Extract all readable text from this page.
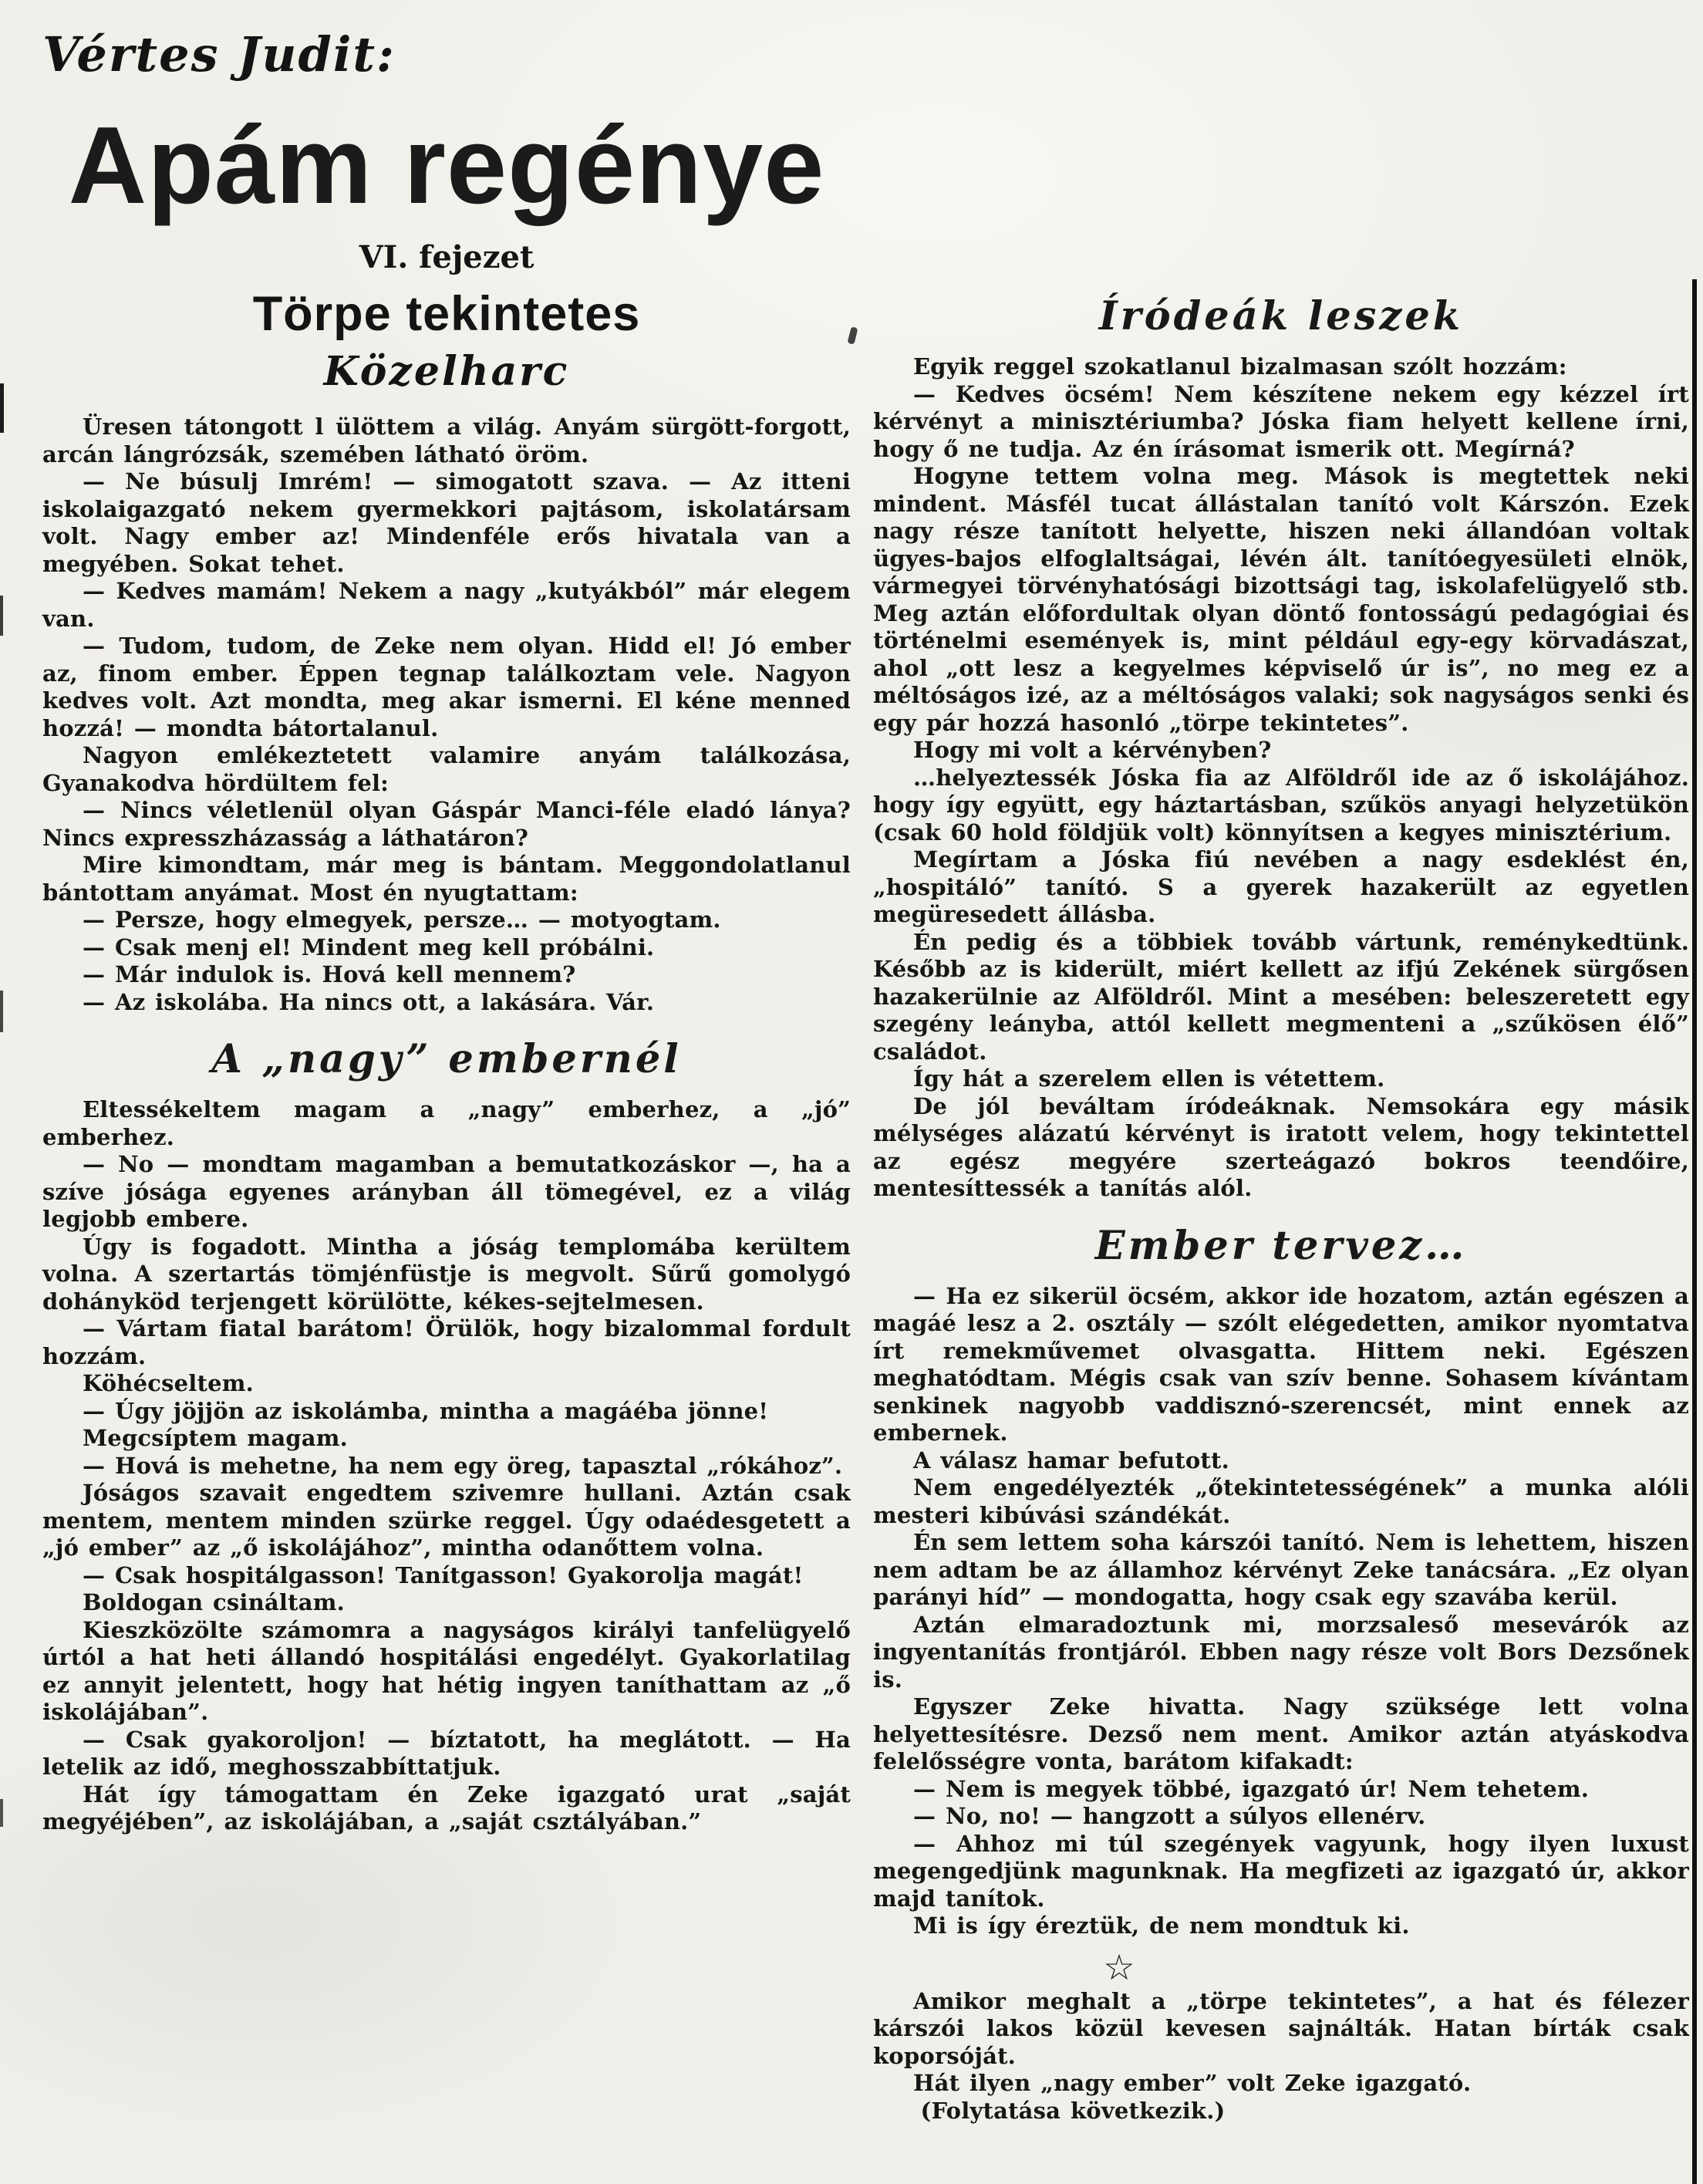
Vértes Judit:
Apám regénye
VI. fejezet
Törpe tekintetes
Közelharc

Üresen tátongott l ülöttem a világ. Anyám sürgött-forgott, arcán lángrózsák, szemében látható öröm.

— Ne búsulj Imrém! — simogatott szava. — Az itteni iskolaigazgató nekem gyermekkori pajtásom, iskolatársam volt. Nagy ember az! Mindenféle erős hivatala van a megyében. Sokat tehet.

— Kedves mamám! Nekem a nagy „kutyákból” már elegem van.

— Tudom, tudom, de Zeke nem olyan. Hidd el! Jó ember az, finom ember. Éppen tegnap találkoztam vele. Nagyon kedves volt. Azt mondta, meg akar ismerni. El kéne menned hozzá! — mondta bátortalanul.

Nagyon emlékeztetett valamire anyám találkozása, Gyanakodva hördültem fel:

— Nincs véletlenül olyan Gáspár Manci-féle eladó lánya? Nincs expresszházasság a láthatáron?

Mire kimondtam, már meg is bántam. Meggondolatlanul bántottam anyámat. Most én nyugtattam:

— Persze, hogy elmegyek, persze… — motyogtam.

— Csak menj el! Mindent meg kell próbálni.

— Már indulok is. Hová kell mennem?

— Az iskolába. Ha nincs ott, a lakására. Vár.

A „nagy” embernél

Eltessékeltem magam a „nagy” emberhez, a „jó” emberhez.

— No — mondtam magamban a bemutatkozáskor —, ha a szíve jósága egyenes arányban áll tömegével, ez a világ legjobb embere.

Úgy is fogadott. Mintha a jóság templomába kerültem volna. A szertartás tömjénfüstje is megvolt. Sűrű gomolygó dohányköd terjengett körülötte, kékes-sejtelmesen.

— Vártam fiatal barátom! Örülök, hogy bizalommal fordult hozzám.

Köhécseltem.

— Úgy jöjjön az iskolámba, mintha a magáéba jönne!

Megcsíptem magam.

— Hová is mehetne, ha nem egy öreg, tapasztal „rókához”.

Jóságos szavait engedtem szivemre hullani. Aztán csak mentem, mentem minden szürke reggel. Úgy odaédesgetett a „jó ember” az „ő iskolájához”, mintha odanőttem volna.

— Csak hospitálgasson! Tanítgasson! Gyakorolja magát!

Boldogan csináltam.

Kieszközölte számomra a nagyságos királyi tanfelügyelő úrtól a hat heti állandó hospitálási engedélyt. Gyakorlatilag ez annyit jelentett, hogy hat hétig ingyen taníthattam az „ő iskolájában”.

— Csak gyakoroljon! — bíztatott, ha meglátott. — Ha letelik az idő, meghosszabbíttatjuk.

Hát így támogattam én Zeke igazgató urat „saját megyéjében”, az iskolájában, a „saját csztályában.”

Íródeák leszek

Egyik reggel szokatlanul bizalmasan szólt hozzám:

— Kedves öcsém! Nem készítene nekem egy kézzel írt kérvényt a minisztériumba? Jóska fiam helyett kellene írni, hogy ő ne tudja. Az én írásomat ismerik ott. Megírná?

Hogyne tettem volna meg. Mások is megtettek neki mindent. Másfél tucat állástalan tanító volt Kárszón. Ezek nagy része tanított helyette, hiszen neki állandóan voltak ügyes-bajos elfoglaltságai, lévén ált. tanítóegyesületi elnök, vármegyei törvényhatósági bizottsági tag, iskolafelügyelő stb. Meg aztán előfordultak olyan döntő fontosságú pedagógiai és történelmi események is, mint például egy-egy körvadászat, ahol „ott lesz a kegyelmes képviselő úr is”, no meg ez a méltóságos izé, az a méltóságos valaki; sok nagyságos senki és egy pár hozzá hasonló „törpe tekintetes”.

Hogy mi volt a kérvényben?

…helyeztessék Jóska fia az Alföldről ide az ő iskolájához. hogy így együtt, egy háztartásban, szűkös anyagi helyzetükön (csak 60 hold földjük volt) könnyítsen a kegyes minisztérium.

Megírtam a Jóska fiú nevében a nagy esdeklést én, „hospitáló” tanító. S a gyerek hazakerült az egyetlen megüresedett állásba.

Én pedig és a többiek tovább vártunk, reménykedtünk. Később az is kiderült, miért kellett az ifjú Zekének sürgősen hazakerülnie az Alföldről. Mint a mesében: beleszeretett egy szegény leányba, attól kellett megmenteni a „szűkösen élő” családot.

Így hát a szerelem ellen is vétettem.

De jól beváltam íródeáknak. Nemsokára egy másik mélységes alázatú kérvényt is iratott velem, hogy tekintettel az egész megyére szerteágazó bokros teendőire, mentesíttessék a tanítás alól.

Ember tervez…

— Ha ez sikerül öcsém, akkor ide hozatom, aztán egészen a magáé lesz a 2. osztály — szólt elégedetten, amikor nyomtatva írt remekművemet olvasgatta. Hittem neki. Egészen meghatódtam. Mégis csak van szív benne. Sohasem kívántam senkinek nagyobb vaddisznó-szerencsét, mint ennek az embernek.

A válasz hamar befutott.

Nem engedélyezték „őtekintetességének” a munka alóli mesteri kibúvási szándékát.

Én sem lettem soha kárszói tanító. Nem is lehettem, hiszen nem adtam be az államhoz kérvényt Zeke tanácsára. „Ez olyan parányi híd” — mondogatta, hogy csak egy szavába kerül.

Aztán elmaradoztunk mi, morzsaleső mesevárók az ingyentanítás frontjáról. Ebben nagy része volt Bors Dezsőnek is.

Egyszer Zeke hivatta. Nagy szüksége lett volna helyettesítésre. Dezső nem ment. Amikor aztán atyáskodva felelősségre vonta, barátom kifakadt:

— Nem is megyek többé, igazgató úr! Nem tehetem.

— No, no! — hangzott a súlyos ellenérv.

— Ahhoz mi túl szegények vagyunk, hogy ilyen luxust megengedjünk magunknak. Ha megfizeti az igazgató úr, akkor majd tanítok.

Mi is így éreztük, de nem mondtuk ki.

☆

Amikor meghalt a „törpe tekintetes”, a hat és félezer kárszói lakos közül kevesen sajnálták. Hatan bírták csak koporsóját.

Hát ilyen „nagy ember” volt Zeke igazgató.

(Folytatása következik.)
